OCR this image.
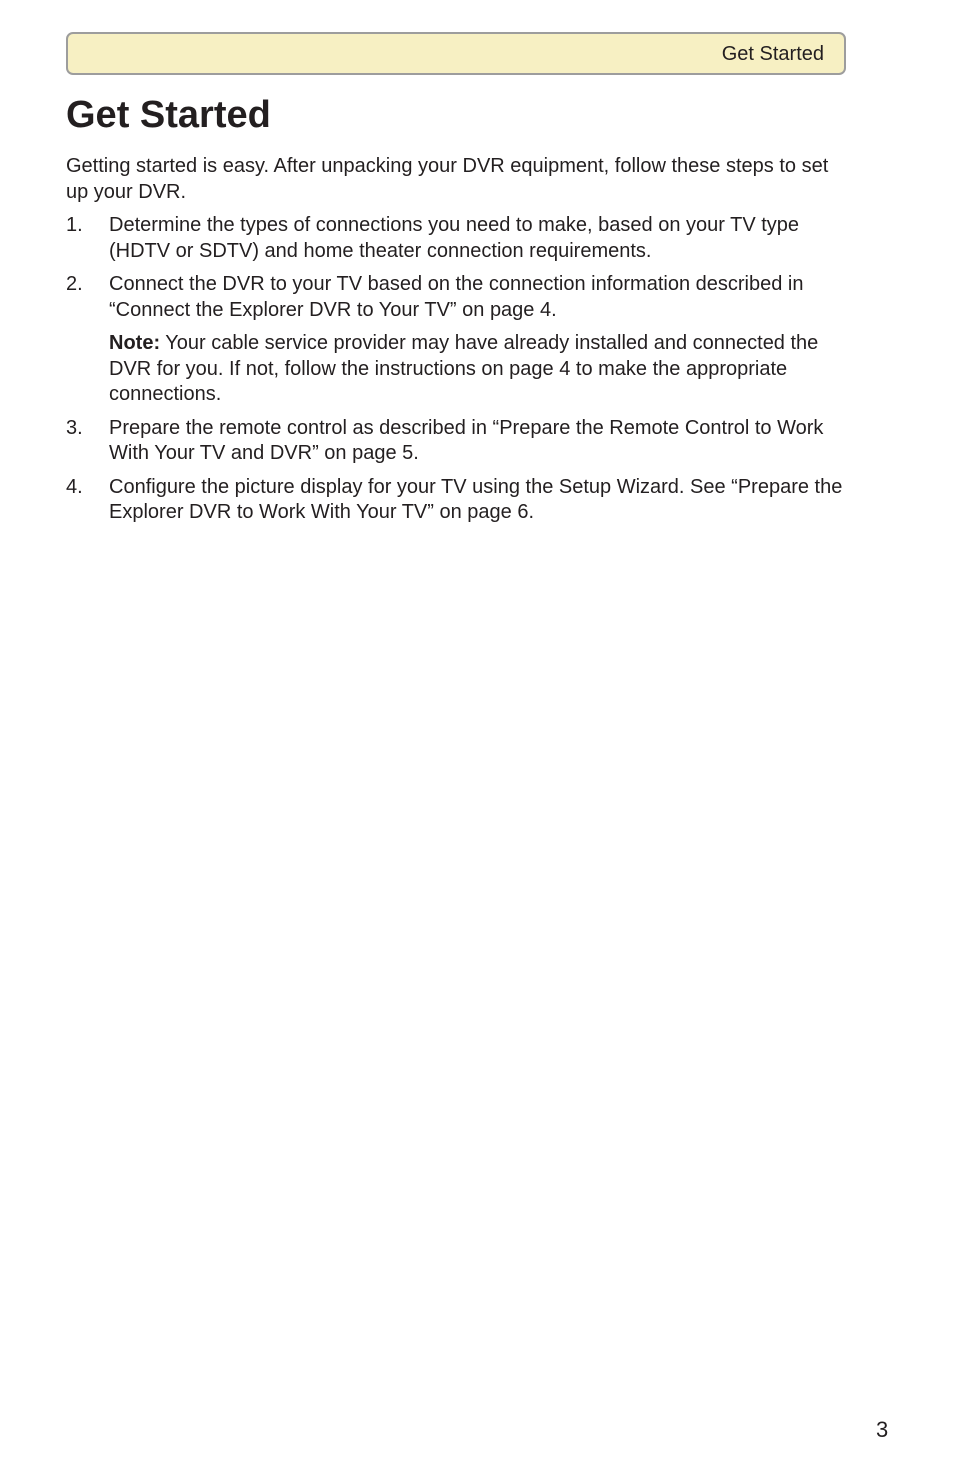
Get Started
Get Started

Getting started is easy. After unpacking your DVR equipment, follow these steps to set up your DVR.

1. Determine the types of connections you need to make, based on your TV type (HDTV or SDTV) and home theater connection requirements.
2. Connect the DVR to your TV based on the connection information described in “Connect the Explorer DVR to Your TV” on page 4.
Note: Your cable service provider may have already installed and connected the DVR for you. If not, follow the instructions on page 4 to make the appropriate connections.
3. Prepare the remote control as described in “Prepare the Remote Control to Work With Your TV and DVR” on page 5.
4. Configure the picture display for your TV using the Setup Wizard. See “Prepare the Explorer DVR to Work With Your TV” on page 6.
3
